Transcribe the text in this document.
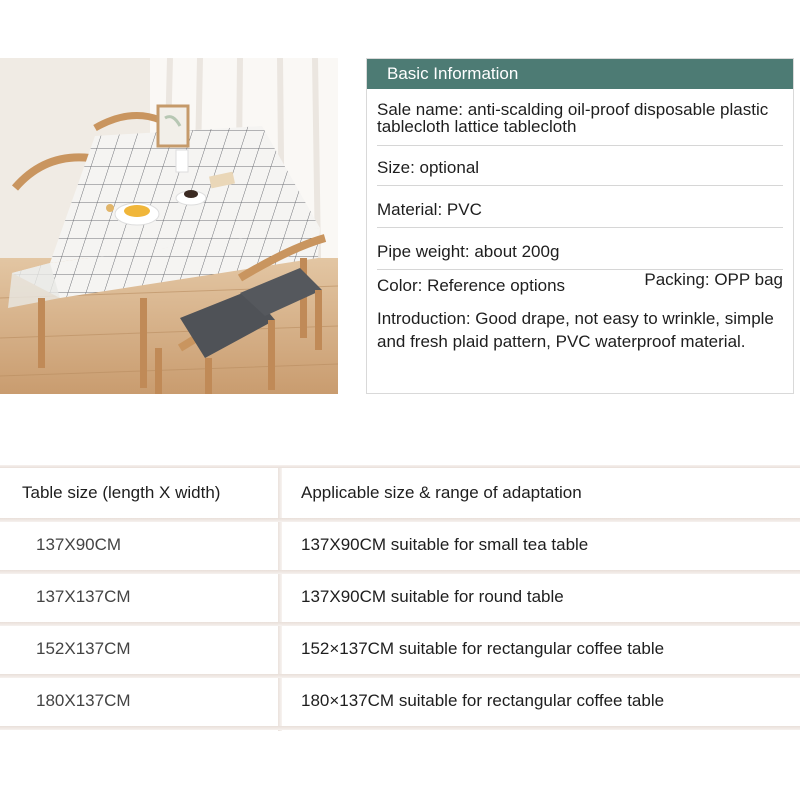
Basic Information
Sale name: anti-scalding oil-proof disposable plastic tablecloth lattice tablecloth
Size: optional
Material: PVC
Pipe weight: about 200g
Color: Reference options	Packing: OPP bag
Introduction: Good drape, not easy to wrinkle, simple and fresh plaid pattern, PVC waterproof material.
Table size (length X width)	Applicable size & range of adaptation
137X90CM	137X90CM suitable for small tea table
137X137CM	137X90CM suitable for round table
152X137CM	152×137CM suitable for rectangular coffee table
180X137CM	180×137CM suitable for rectangular coffee table
